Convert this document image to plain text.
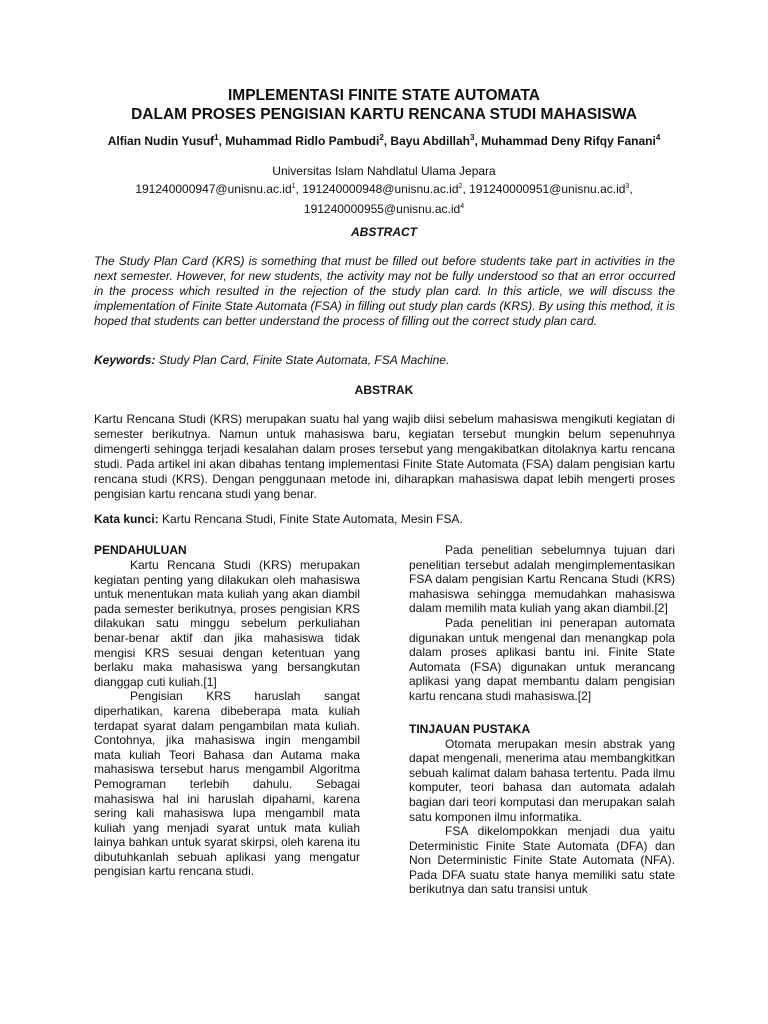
IMPLEMENTASI FINITE STATE AUTOMATA
DALAM PROSES PENGISIAN KARTU RENCANA STUDI MAHASISWA
Alfian Nudin Yusuf$^1$, Muhammad Ridlo Pambudi$^2$, Bayu Abdillah$^3$, Muhammad Deny Rifqy Fanani$^4$
Universitas Islam Nahdlatul Ulama Jepara
$191240000947@unisnu.ac.id^1$, $191240000948@unisnu.ac.id^2$, $191240000951@unisnu.ac.id^3$,
$191240000955@unisnu.ac.id^4$
ABSTRACT
The Study Plan Card (KRS) is something that must be filled out before students take part in activities in the next semester. However, for new students, the activity may not be fully understood so that an error occurred in the process which resulted in the rejection of the study plan card. In this article, we will discuss the implementation of Finite State Automata (FSA) in filling out study plan cards (KRS). By using this method, it is hoped that students can better understand the process of filling out the correct study plan card.
Keywords: Study Plan Card, Finite State Automata, FSA Machine.
ABSTRAK
Kartu Rencana Studi (KRS) merupakan suatu hal yang wajib diisi sebelum mahasiswa mengikuti kegiatan di semester berikutnya. Namun untuk mahasiswa baru, kegiatan tersebut mungkin belum sepenuhnya dimengerti sehingga terjadi kesalahan dalam proses tersebut yang mengakibatkan ditolaknya kartu rencana studi. Pada artikel ini akan dibahas tentang implementasi Finite State Automata (FSA) dalam pengisian kartu rencana studi (KRS). Dengan penggunaan metode ini, diharapkan mahasiswa dapat lebih mengerti proses pengisian kartu rencana studi yang benar.
Kata kunci: Kartu Rencana Studi, Finite State Automata, Mesin FSA.
PENDAHULUAN

Kartu Rencana Studi (KRS) merupakan kegiatan penting yang dilakukan oleh mahasiswa untuk menentukan mata kuliah yang akan diambil pada semester berikutnya, proses pengisian KRS dilakukan satu minggu sebelum perkuliahan benar-benar aktif dan jika mahasiswa tidak mengisi KRS sesuai dengan ketentuan yang berlaku maka mahasiswa yang bersangkutan dianggap cuti kuliah.[1]

Pengisian KRS haruslah sangat diperhatikan, karena dibeberapa mata kuliah terdapat syarat dalam pengambilan mata kuliah. Contohnya, jika mahasiswa ingin mengambil mata kuliah Teori Bahasa dan Autama maka mahasiswa tersebut harus mengambil Algoritma Pemograman terlebih dahulu. Sebagai mahasiswa hal ini haruslah dipahami, karena sering kali mahasiswa lupa mengambil mata kuliah yang menjadi syarat untuk mata kuliah lainya bahkan untuk syarat skirpsi, oleh karena itu dibutuhkanlah sebuah aplikasi yang mengatur pengisian kartu rencana studi.

Pada penelitian sebelumnya tujuan dari penelitian tersebut adalah mengimplementasikan FSA dalam pengisian Kartu Rencana Studi (KRS) mahasiswa sehingga memudahkan mahasiswa dalam memilih mata kuliah yang akan diambil.[2]

Pada penelitian ini penerapan automata digunakan untuk mengenal dan menangkap pola dalam proses aplikasi bantu ini. Finite State Automata (FSA) digunakan untuk merancang aplikasi yang dapat membantu dalam pengisian kartu rencana studi mahasiswa.[2]

TINJAUAN PUSTAKA

Otomata merupakan mesin abstrak yang dapat mengenali, menerima atau membangkitkan sebuah kalimat dalam bahasa tertentu. Pada ilmu komputer, teori bahasa dan automata adalah bagian dari teori komputasi dan merupakan salah satu komponen ilmu informatika.

FSA dikelompokkan menjadi dua yaitu Deterministic Finite State Automata (DFA) dan Non Deterministic Finite State Automata (NFA). Pada DFA suatu state hanya memiliki satu state berikutnya dan satu transisi untuk
